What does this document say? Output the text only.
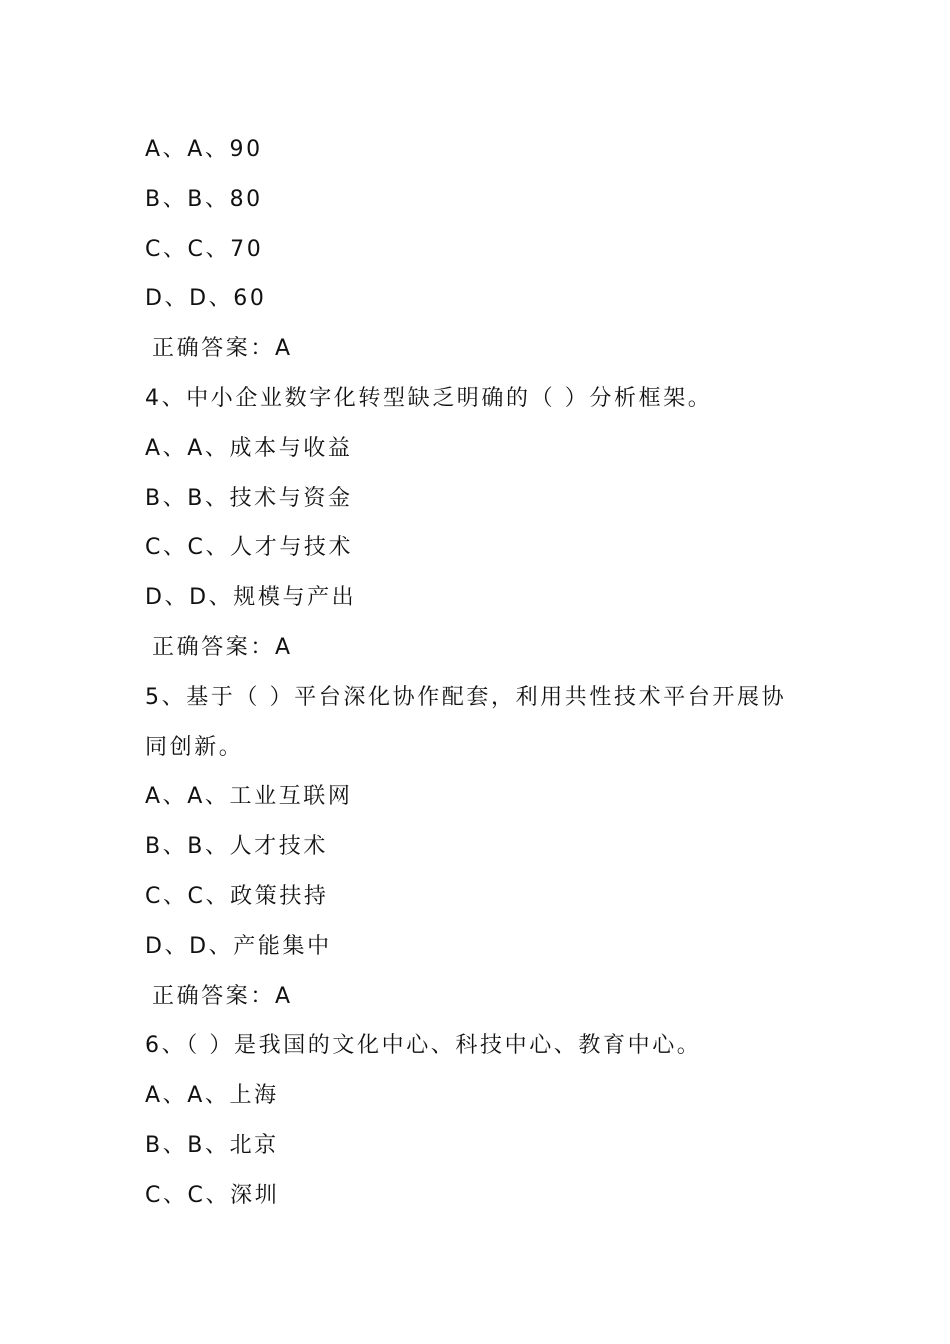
A、A、90
B、B、80
C、C、70
D、D、60
正确答案：A
4、中小企业数字化转型缺乏明确的（ ）分析框架。
A、A、成本与收益
B、B、技术与资金
C、C、人才与技术
D、D、规模与产出
正确答案：A
5、基于（ ）平台深化协作配套，利用共性技术平台开展协
同创新。
A、A、工业互联网
B、B、人才技术
C、C、政策扶持
D、D、产能集中
正确答案：A
6、（ ）是我国的文化中心、科技中心、教育中心。
A、A、上海
B、B、北京
C、C、深圳
